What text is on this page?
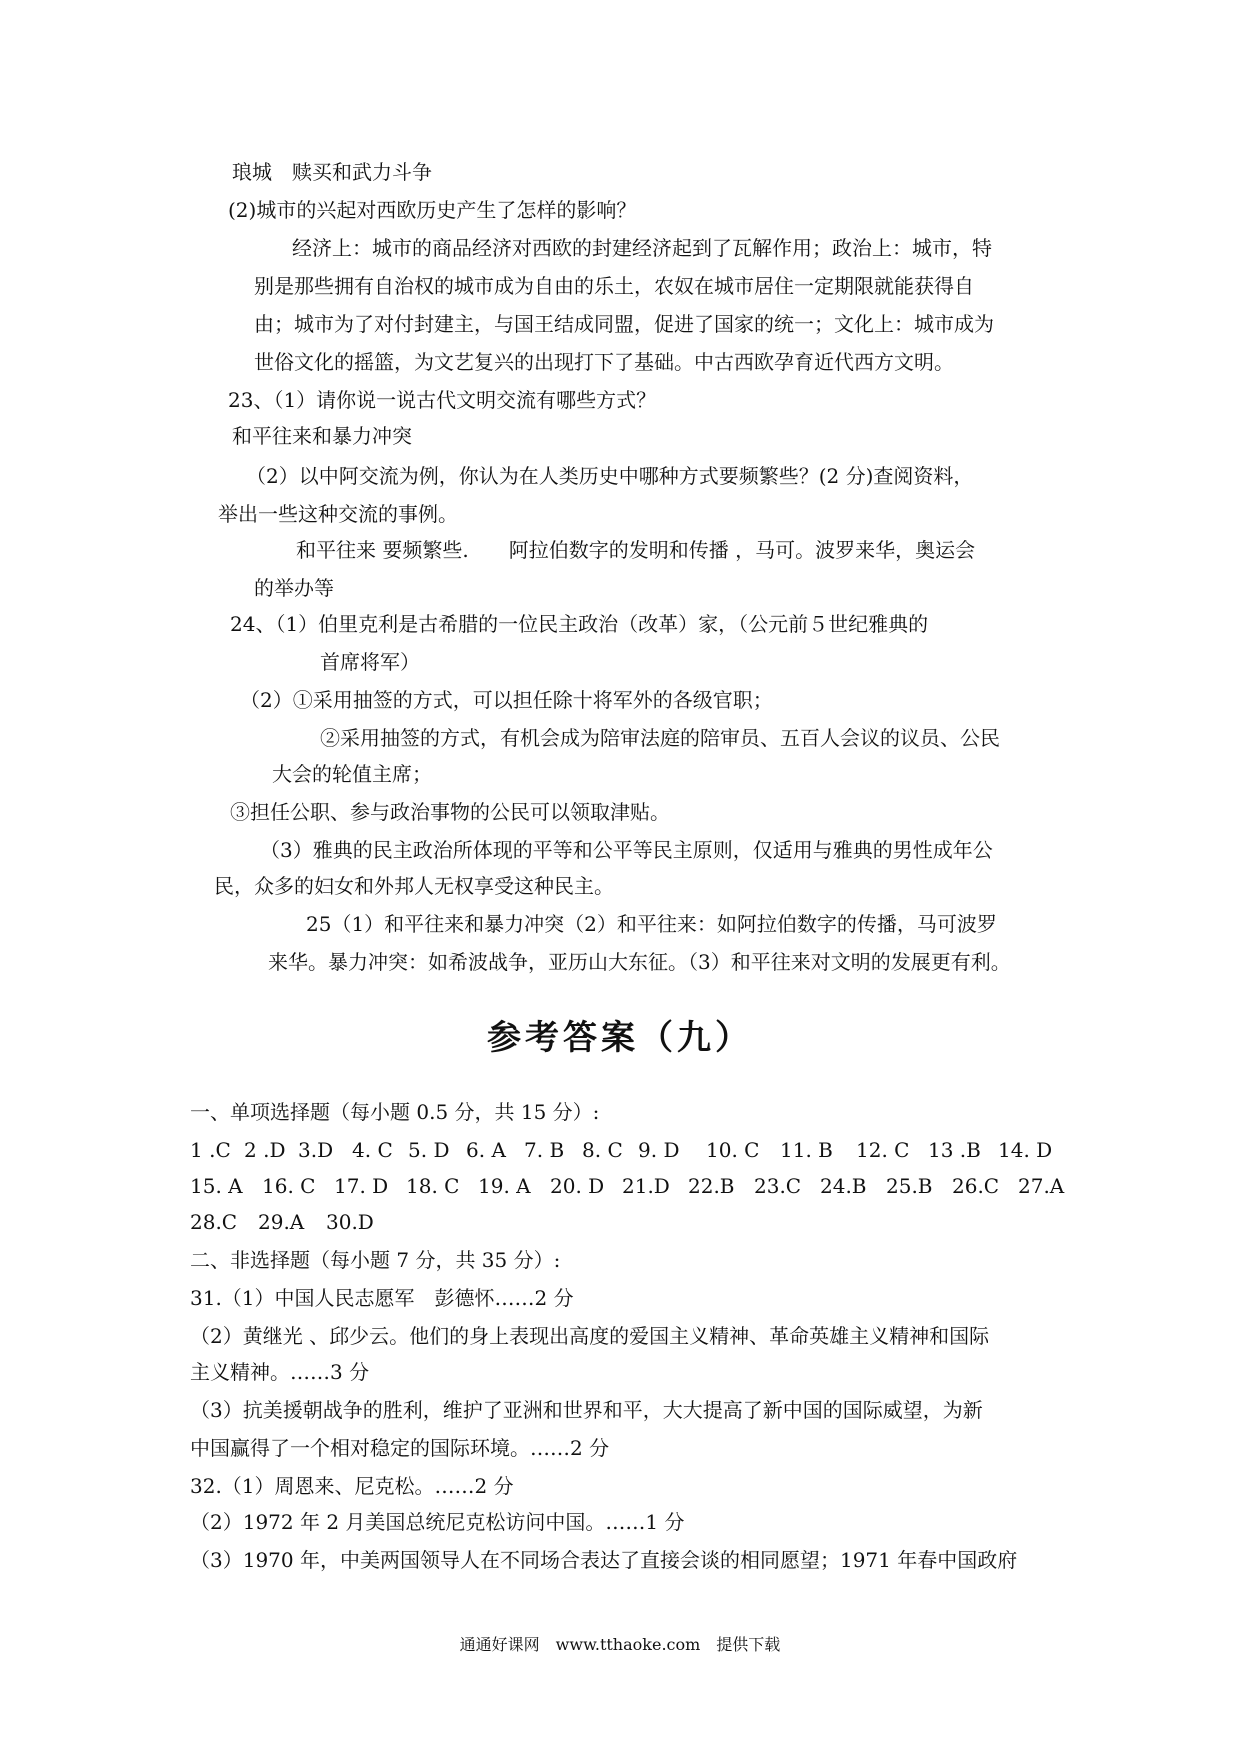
琅城　赎买和武力斗争
(2)城市的兴起对西欧历史产生了怎样的影响？
经济上：城市的商品经济对西欧的封建经济起到了瓦解作用；政治上：城市，特
别是那些拥有自治权的城市成为自由的乐土，农奴在城市居住一定期限就能获得自
由；城市为了对付封建主，与国王结成同盟，促进了国家的统一；文化上：城市成为
世俗文化的摇篮，为文艺复兴的出现打下了基础。中古西欧孕育近代西方文明。
23、（1）请你说一说古代文明交流有哪些方式？
和平往来和暴力冲突
（2）以中阿交流为例，你认为在人类历史中哪种方式要频繁些？(2 分)查阅资料，
举出一些这种交流的事例。
和平往来 要频繁些.　　阿拉伯数字的发明和传播 ，马可。波罗来华，奥运会
的举办等
24、（1）伯里克利是古希腊的一位民主政治（改革）家，（公元前５世纪雅典的
首席将军）
（2）①采用抽签的方式，可以担任除十将军外的各级官职；
②采用抽签的方式，有机会成为陪审法庭的陪审员、五百人会议的议员、公民
大会的轮值主席；
③担任公职、参与政治事物的公民可以领取津贴。
（3）雅典的民主政治所体现的平等和公平等民主原则，仅适用与雅典的男性成年公
民，众多的妇女和外邦人无权享受这种民主。
25（1）和平往来和暴力冲突（2）和平往来：如阿拉伯数字的传播，马可波罗
来华。暴力冲突：如希波战争，亚历山大东征。（3）和平往来对文明的发展更有利。
参考答案（九）
一、单项选择题（每小题 0.5 分，共 15 分）:
1 .C 2 .D 3.D 4. C 5. D 6. A 7. B 8. C 9. D 10. C 11. B 12. C 13 .B 14. D
15. A 16. C 17. D 18. C 19. A 20. D 21.D 22.B 23.C 24.B 25.B 26.C 27.A
28.C 29.A 30.D
二、非选择题（每小题 7 分，共 35 分）:
31.（1）中国人民志愿军　彭德怀……2 分
（2）黄继光 、邱少云。他们的身上表现出高度的爱国主义精神、革命英雄主义精神和国际
主义精神。……3 分
（3）抗美援朝战争的胜利，维护了亚洲和世界和平，大大提高了新中国的国际威望，为新
中国赢得了一个相对稳定的国际环境。……2 分
32.（1）周恩来、尼克松。……2 分
（2）1972 年 2 月美国总统尼克松访问中国。……1 分
（3）1970 年，中美两国领导人在不同场合表达了直接会谈的相同愿望；1971 年春中国政府
通通好课网　www.tthaoke.com　提供下载
